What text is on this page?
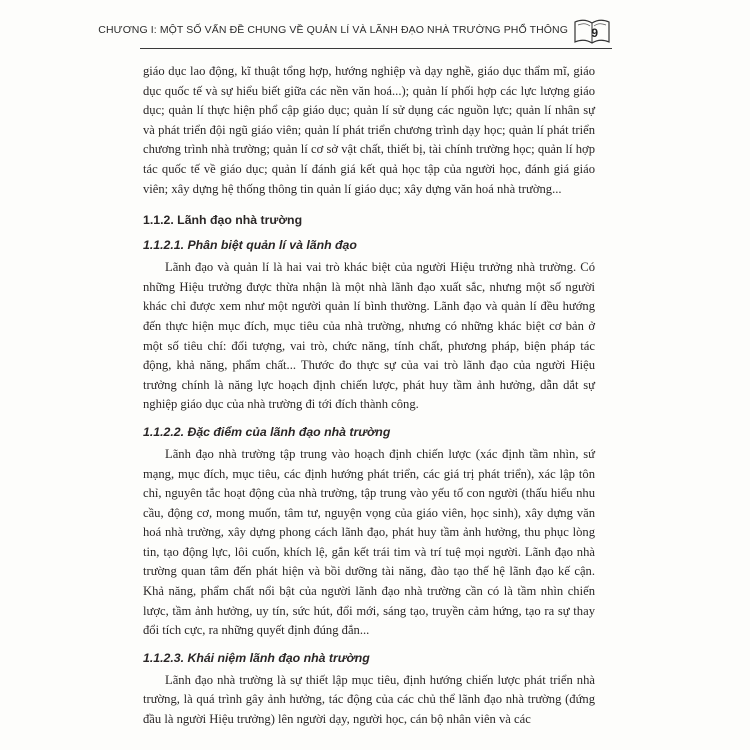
CHƯƠNG I: MỘT SỐ VẤN ĐỀ CHUNG VỀ QUẢN LÍ VÀ LÃNH ĐẠO NHÀ TRƯỜNG PHỔ THÔNG 9

giáo dục lao động, kĩ thuật tổng hợp, hướng nghiệp và dạy nghề, giáo dục thẩm mĩ, giáo dục quốc tế và sự hiểu biết giữa các nền văn hoá...); quản lí phối hợp các lực lượng giáo dục; quản lí thực hiện phổ cập giáo dục; quản lí sử dụng các nguồn lực; quản lí nhân sự và phát triển đội ngũ giáo viên; quản lí phát triển chương trình dạy học; quản lí phát triển chương trình nhà trường; quản lí cơ sở vật chất, thiết bị, tài chính trường học; quản lí hợp tác quốc tế về giáo dục; quản lí đánh giá kết quả học tập của người học, đánh giá giáo viên; xây dựng hệ thống thông tin quản lí giáo dục; xây dựng văn hoá nhà trường...

1.1.2. Lãnh đạo nhà trường
1.1.2.1. Phân biệt quản lí và lãnh đạo

Lãnh đạo và quản lí là hai vai trò khác biệt của người Hiệu trưởng nhà trường. Có những Hiệu trưởng được thừa nhận là một nhà lãnh đạo xuất sắc, nhưng một số người khác chỉ được xem như một người quản lí bình thường. Lãnh đạo và quản lí đều hướng đến thực hiện mục đích, mục tiêu của nhà trường, nhưng có những khác biệt cơ bản ở một số tiêu chí: đối tượng, vai trò, chức năng, tính chất, phương pháp, biện pháp tác động, khả năng, phẩm chất... Thước đo thực sự của vai trò lãnh đạo của người Hiệu trưởng chính là năng lực hoạch định chiến lược, phát huy tầm ảnh hưởng, dẫn dắt sự nghiệp giáo dục của nhà trường đi tới đích thành công.

1.1.2.2. Đặc điểm của lãnh đạo nhà trường

Lãnh đạo nhà trường tập trung vào hoạch định chiến lược (xác định tầm nhìn, sứ mạng, mục đích, mục tiêu, các định hướng phát triển, các giá trị phát triển), xác lập tôn chỉ, nguyên tắc hoạt động của nhà trường, tập trung vào yếu tố con người (thấu hiểu nhu cầu, động cơ, mong muốn, tâm tư, nguyện vọng của giáo viên, học sinh), xây dựng văn hoá nhà trường, xây dựng phong cách lãnh đạo, phát huy tầm ảnh hưởng, thu phục lòng tin, tạo động lực, lôi cuốn, khích lệ, gắn kết trái tim và trí tuệ mọi người. Lãnh đạo nhà trường quan tâm đến phát hiện và bồi dưỡng tài năng, đào tạo thế hệ lãnh đạo kế cận. Khả năng, phẩm chất nổi bật của người lãnh đạo nhà trường cần có là tầm nhìn chiến lược, tầm ảnh hưởng, uy tín, sức hút, đổi mới, sáng tạo, truyền cảm hứng, tạo ra sự thay đổi tích cực, ra những quyết định đúng đắn...

1.1.2.3. Khái niệm lãnh đạo nhà trường

Lãnh đạo nhà trường là sự thiết lập mục tiêu, định hướng chiến lược phát triển nhà trường, là quá trình gây ảnh hưởng, tác động của các chủ thể lãnh đạo nhà trường (đứng đầu là người Hiệu trưởng) lên người dạy, người học, cán bộ nhân viên và các
